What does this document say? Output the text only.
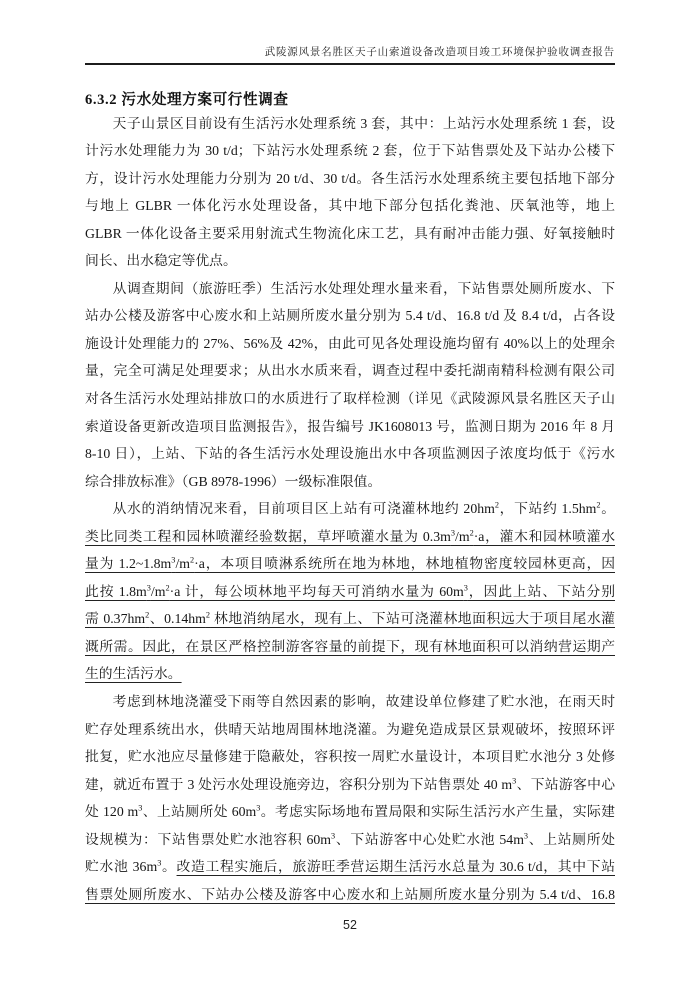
武陵源风景名胜区天子山索道设备改造项目竣工环境保护验收调查报告
6.3.2 污水处理方案可行性调查
天子山景区目前设有生活污水处理系统 3 套，其中：上站污水处理系统 1 套，设
计污水处理能力为 30 t/d；下站污水处理系统 2 套，位于下站售票处及下站办公楼下
方，设计污水处理能力分别为 20 t/d、30 t/d。各生活污水处理系统主要包括地下部分
与地上 GLBR 一体化污水处理设备，其中地下部分包括化粪池、厌氧池等，地上
GLBR 一体化设备主要采用射流式生物流化床工艺，具有耐冲击能力强、好氧接触时
间长、出水稳定等优点。
从调查期间（旅游旺季）生活污水处理处理水量来看，下站售票处厕所废水、下
站办公楼及游客中心废水和上站厕所废水量分别为 5.4 t/d、16.8 t/d 及 8.4 t/d，占各设
施设计处理能力的 27%、56%及 42%，由此可见各处理设施均留有 40%以上的处理余
量，完全可满足处理要求；从出水水质来看，调查过程中委托湖南精科检测有限公司
对各生活污水处理站排放口的水质进行了取样检测（详见《武陵源风景名胜区天子山
索道设备更新改造项目监测报告》，报告编号 JK1608013 号，监测日期为 2016 年 8 月
8-10 日），上站、下站的各生活污水处理设施出水中各项监测因子浓度均低于《污水
综合排放标准》（GB 8978-1996）一级标准限值。
从水的消纳情况来看，目前项目区上站有可浇灌林地约 $20hm^2$，下站约 $1.5hm^2$。
类比同类工程和园林喷灌经验数据，草坪喷灌水量为 $0.3m^3/m^2\cdot a$，灌木和园林喷灌水
量为 $1.2\sim 1.8m^3/m^2\cdot a$，本项目喷淋系统所在地为林地，林地植物密度较园林更高，因
此按 $1.8m^3/m^2\cdot a$ 计，每公顷林地平均每天可消纳水量为 $60m^3$，因此上站、下站分别
需 $0.37hm^2$、$0.14hm^2$ 林地消纳尾水，现有上、下站可浇灌林地面积远大于项目尾水灌
溉所需。因此，在景区严格控制游客容量的前提下，现有林地面积可以消纳营运期产
生的生活污水。
考虑到林地浇灌受下雨等自然因素的影响，故建设单位修建了贮水池，在雨天时
贮存处理系统出水，供晴天站地周围林地浇灌。为避免造成景区景观破坏，按照环评
批复，贮水池应尽量修建于隐蔽处，容积按一周贮水量设计，本项目贮水池分 3 处修
建，就近布置于 3 处污水处理设施旁边，容积分别为下站售票处 40 $m^3$、下站游客中心
处 120 $m^3$、上站厕所处 $60m^3$。考虑实际场地布置局限和实际生活污水产生量，实际建
设规模为：下站售票处贮水池容积 $60m^3$、下站游客中心处贮水池 $54m^3$、上站厕所处
贮水池 $36m^3$。改造工程实施后，旅游旺季营运期生活污水总量为 30.6 t/d，其中下站
售票处厕所废水、下站办公楼及游客中心废水和上站厕所废水量分别为 5.4 t/d、16.8
52
